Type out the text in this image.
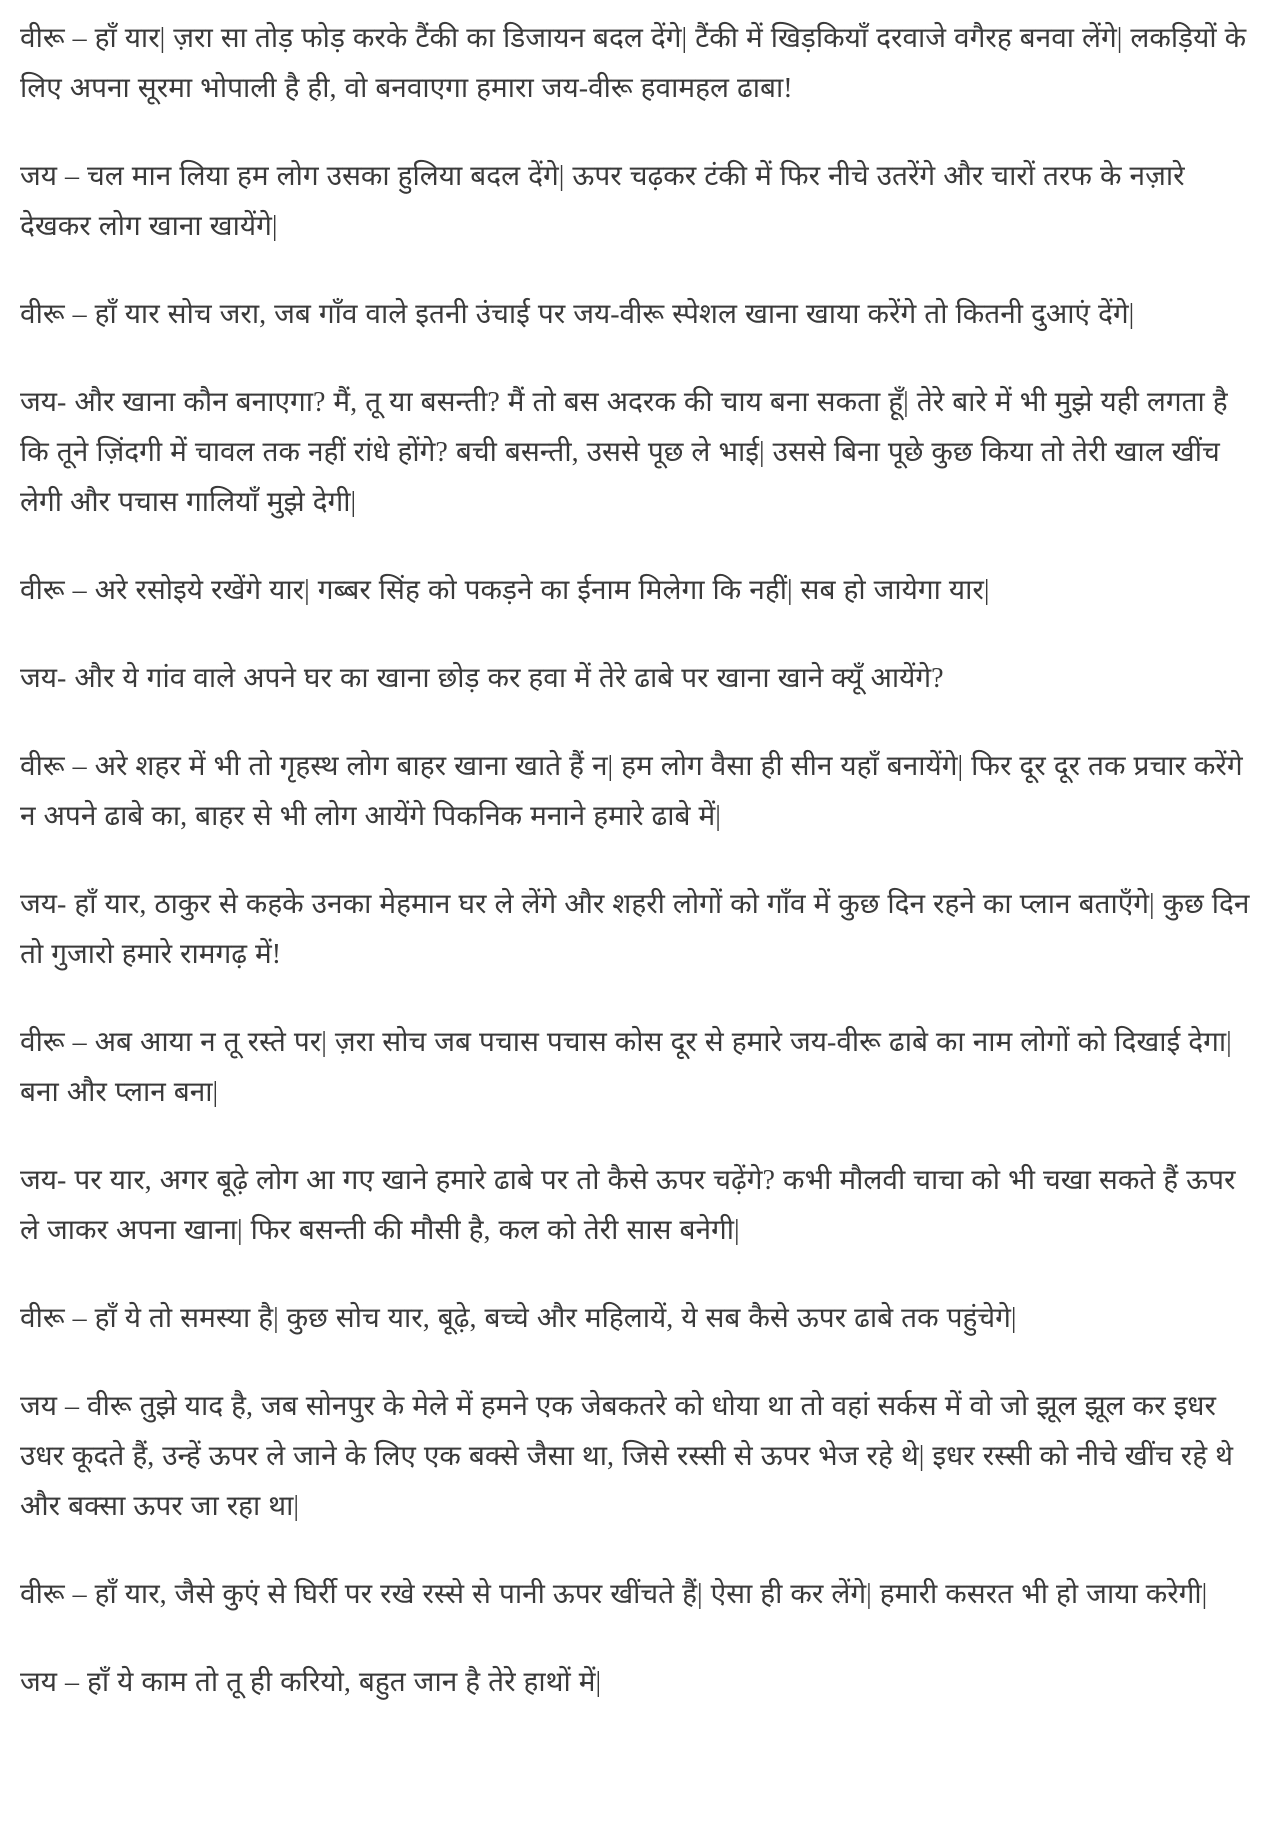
वीरू – हाँ यार| ज़रा सा तोड़ फोड़ करके टैंकी का डिजायन बदल देंगे| टैंकी में खिड़कियाँ दरवाजे वगैरह बनवा लेंगे| लकड़ियों के लिए अपना सूरमा भोपाली है ही, वो बनवाएगा हमारा जय-वीरू हवामहल ढाबा!

जय – चल मान लिया हम लोग उसका हुलिया बदल देंगे| ऊपर चढ़कर टंकी में फिर नीचे उतरेंगे और चारों तरफ के नज़ारे देखकर लोग खाना खायेंगे|

वीरू – हाँ यार सोच जरा, जब गाँव वाले इतनी उंचाई पर जय-वीरू स्पेशल खाना खाया करेंगे तो कितनी दुआएं देंगे|

जय- और खाना कौन बनाएगा? मैं, तू या बसन्ती? मैं तो बस अदरक की चाय बना सकता हूँ| तेरे बारे में भी मुझे यही लगता है कि तूने ज़िंदगी में चावल तक नहीं रांधे होंगे? बची बसन्ती, उससे पूछ ले भाई| उससे बिना पूछे कुछ किया तो तेरी खाल खींच लेगी और पचास गालियाँ मुझे देगी|

वीरू – अरे रसोइये रखेंगे यार| गब्बर सिंह को पकड़ने का ईनाम मिलेगा कि नहीं| सब हो जायेगा यार|

जय- और ये गांव वाले अपने घर का खाना छोड़ कर हवा में तेरे ढाबे पर खाना खाने क्यूँ आयेंगे?

वीरू – अरे शहर में भी तो गृहस्थ लोग बाहर खाना खाते हैं न| हम लोग वैसा ही सीन यहाँ बनायेंगे| फिर दूर दूर तक प्रचार करेंगे न अपने ढाबे का, बाहर से भी लोग आयेंगे पिकनिक मनाने हमारे ढाबे में|

जय- हाँ यार, ठाकुर से कहके उनका मेहमान घर ले लेंगे और शहरी लोगों को गाँव में कुछ दिन रहने का प्लान बताएँगे| कुछ दिन तो गुजारो हमारे रामगढ़ में!

वीरू – अब आया न तू रस्ते पर| ज़रा सोच जब पचास पचास कोस दूर से हमारे जय-वीरू ढाबे का नाम लोगों को दिखाई देगा| बना और प्लान बना|

जय- पर यार, अगर बूढ़े लोग आ गए खाने हमारे ढाबे पर तो कैसे ऊपर चढ़ेंगे? कभी मौलवी चाचा को भी चखा सकते हैं ऊपर ले जाकर अपना खाना| फिर बसन्ती की मौसी है, कल को तेरी सास बनेगी|

वीरू – हाँ ये तो समस्या है| कुछ सोच यार, बूढ़े, बच्चे और महिलायें, ये सब कैसे ऊपर ढाबे तक पहुंचेगे|

जय – वीरू तुझे याद है, जब सोनपुर के मेले में हमने एक जेबकतरे को धोया था तो वहां सर्कस में वो जो झूल झूल कर इधर उधर कूदते हैं, उन्हें ऊपर ले जाने के लिए एक बक्से जैसा था, जिसे रस्सी से ऊपर भेज रहे थे| इधर रस्सी को नीचे खींच रहे थे और बक्सा ऊपर जा रहा था|

वीरू – हाँ यार, जैसे कुएं से घिर्री पर रखे रस्से से पानी ऊपर खींचते हैं| ऐसा ही कर लेंगे| हमारी कसरत भी हो जाया करेगी|

जय – हाँ ये काम तो तू ही करियो, बहुत जान है तेरे हाथों में|
